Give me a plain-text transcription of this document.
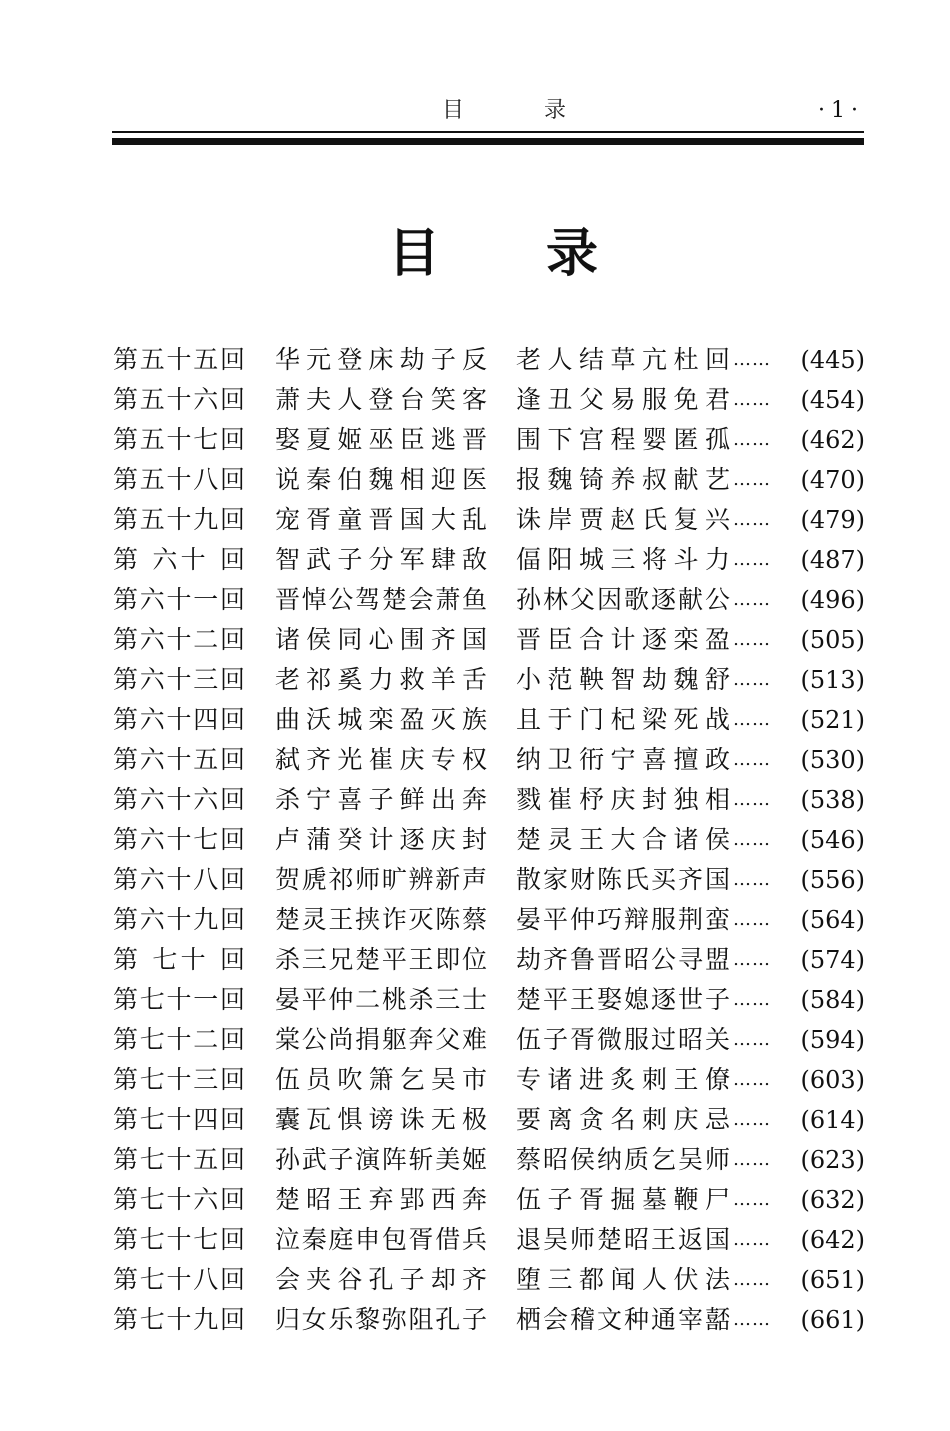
目 录	·1·
目 录
第五十五回 华元登床劫子反 老人结草亢杜回 ……	(445)
第五十六回 萧夫人登台笑客 逢丑父易服免君 ……	(454)
第五十七回 娶夏姬巫臣逃晋 围下宫程婴匿孤 ……	(462)
第五十八回 说秦伯魏相迎医 报魏锜养叔献艺 ……	(470)
第五十九回 宠胥童晋国大乱 诛岸贾赵氏复兴 ……	(479)
第 六十 回 智武子分军肆敌 偪阳城三将斗力 ……	(487)
第六十一回 晋悼公驾楚会萧鱼 孙林父因歌逐献公 ……	(496)
第六十二回 诸侯同心围齐国 晋臣合计逐栾盈 ……	(505)
第六十三回 老祁奚力救羊舌 小范鞅智劫魏舒 ……	(513)
第六十四回 曲沃城栾盈灭族 且于门杞梁死战 ……	(521)
第六十五回 弑齐光崔庆专权 纳卫衎宁喜擅政 ……	(530)
第六十六回 杀宁喜子鲜出奔 戮崔杼庆封独相 ……	(538)
第六十七回 卢蒲癸计逐庆封 楚灵王大合诸侯 ……	(546)
第六十八回 贺虒祁师旷辨新声 散家财陈氏买齐国 ……	(556)
第六十九回 楚灵王挟诈灭陈蔡 晏平仲巧辩服荆蛮 ……	(564)
第 七十 回 杀三兄楚平王即位 劫齐鲁晋昭公寻盟 ……	(574)
第七十一回 晏平仲二桃杀三士 楚平王娶媳逐世子 ……	(584)
第七十二回 棠公尚捐躯奔父难 伍子胥微服过昭关 ……	(594)
第七十三回 伍员吹箫乞吴市 专诸进炙刺王僚 ……	(603)
第七十四回 囊瓦惧谤诛无极 要离贪名刺庆忌 ……	(614)
第七十五回 孙武子演阵斩美姬 蔡昭侯纳质乞吴师 ……	(623)
第七十六回 楚昭王弃郢西奔 伍子胥掘墓鞭尸 ……	(632)
第七十七回 泣秦庭申包胥借兵 退吴师楚昭王返国 ……	(642)
第七十八回 会夹谷孔子却齐 堕三都闻人伏法 ……	(651)
第七十九回 归女乐黎弥阻孔子 栖会稽文种通宰嚭 ……	(661)
